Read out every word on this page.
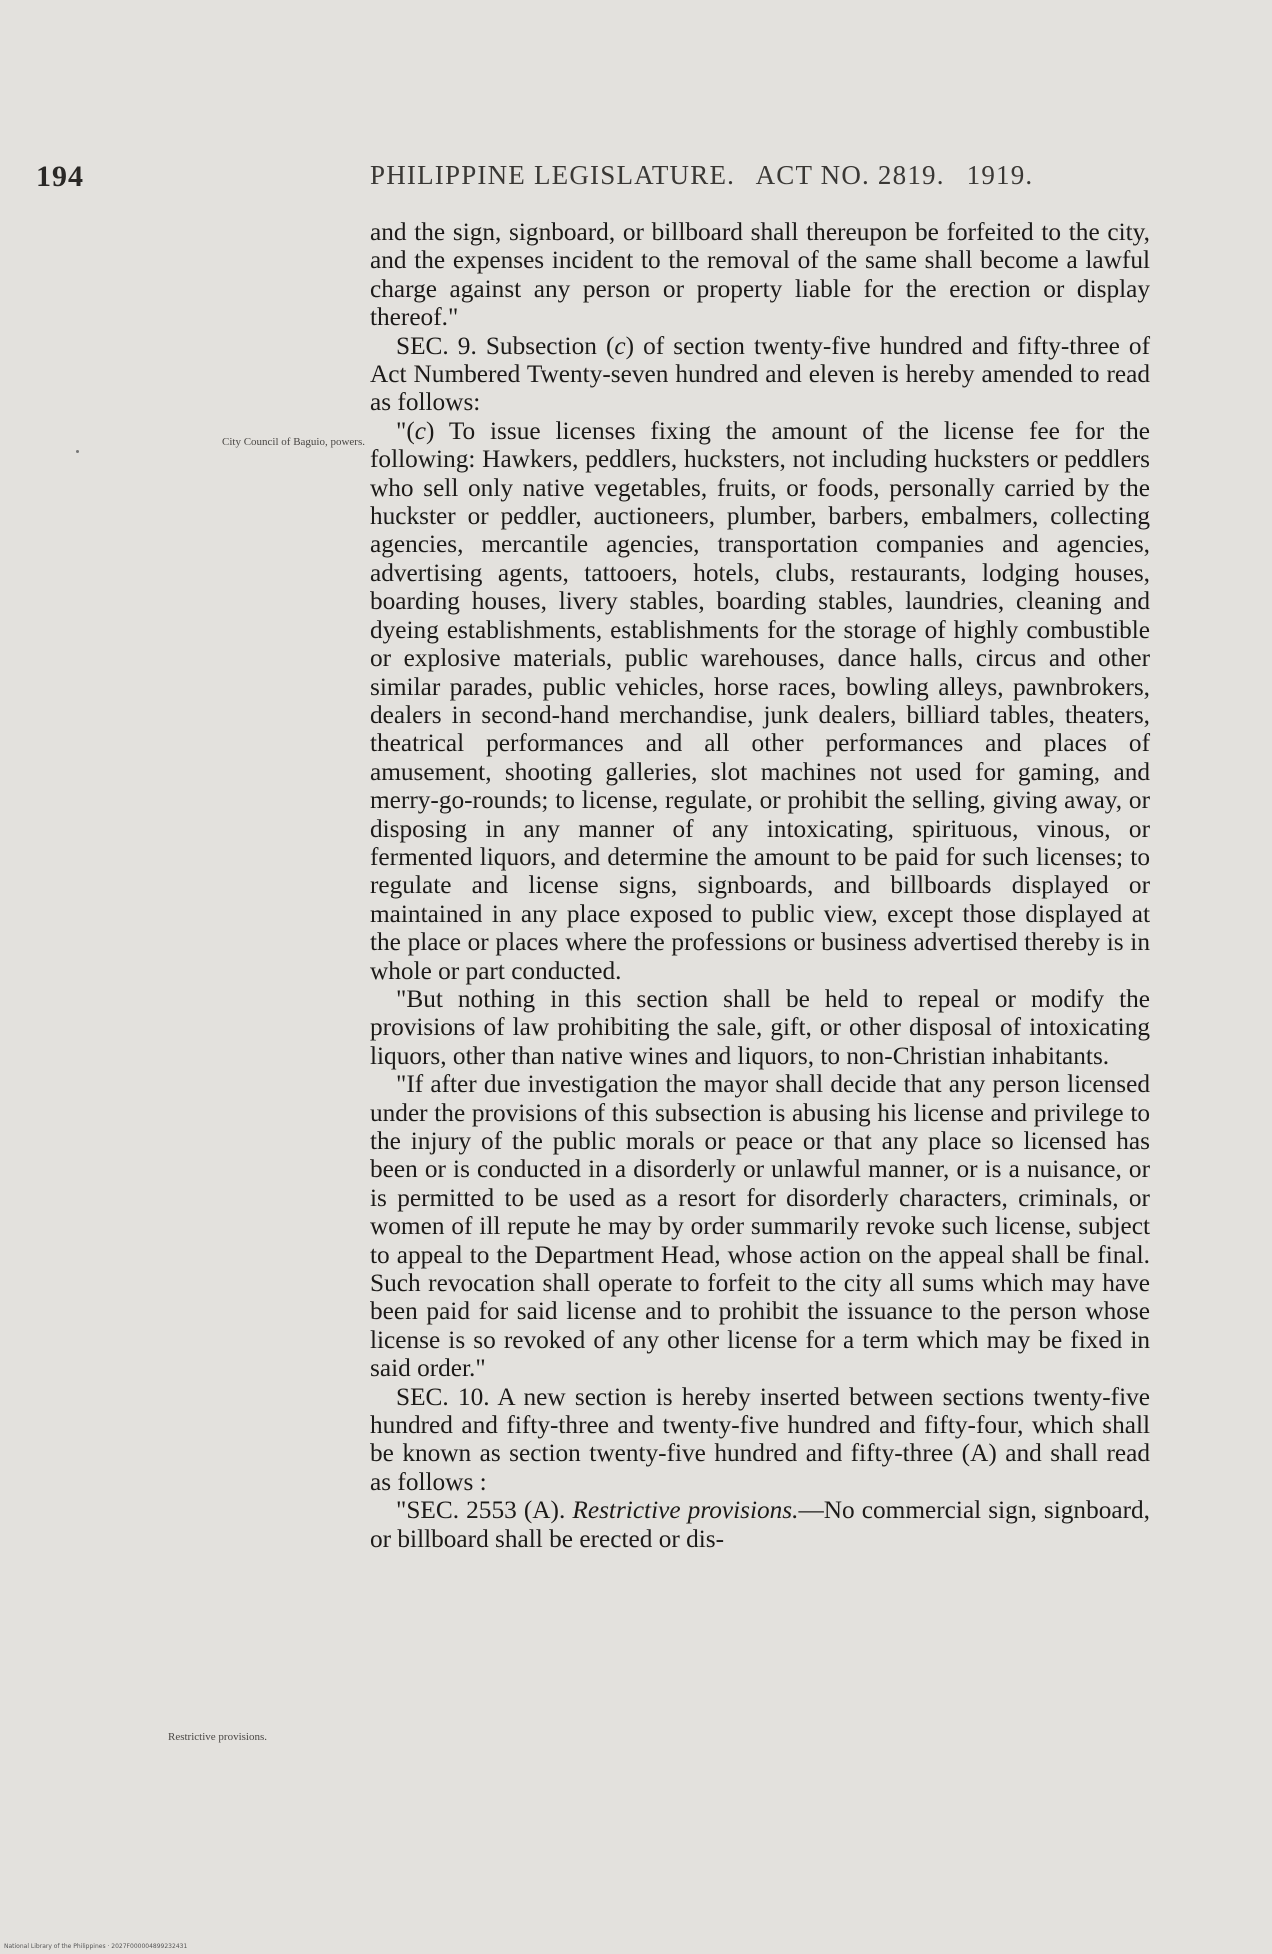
194	PHILIPPINE LEGISLATURE. ACT NO. 2819. 1919.
City Council of Baguio, powers.
Restrictive provisions.

and the sign, signboard, or billboard shall thereupon be forfeited to the city, and the expenses incident to the removal of the same shall become a lawful charge against any person or property liable for the erection or display thereof."

SEC. 9. Subsection (c) of section twenty-five hundred and fifty-three of Act Numbered Twenty-seven hundred and eleven is hereby amended to read as follows:

"(c) To issue licenses fixing the amount of the license fee for the following: Hawkers, peddlers, hucksters, not including hucksters or peddlers who sell only native vegetables, fruits, or foods, personally carried by the huckster or peddler, auctioneers, plumber, barbers, embalmers, collecting agencies, mercantile agencies, transportation companies and agencies, advertising agents, tattooers, hotels, clubs, restaurants, lodging houses, boarding houses, livery stables, boarding stables, laundries, cleaning and dyeing establishments, establishments for the storage of highly combustible or explosive materials, public warehouses, dance halls, circus and other similar parades, public vehicles, horse races, bowling alleys, pawnbrokers, dealers in second-hand merchandise, junk dealers, billiard tables, theaters, theatrical performances and all other performances and places of amusement, shooting galleries, slot machines not used for gaming, and merry-go-rounds; to license, regulate, or prohibit the selling, giving away, or disposing in any manner of any intoxicating, spirituous, vinous, or fermented liquors, and determine the amount to be paid for such licenses; to regulate and license signs, signboards, and billboards displayed or maintained in any place exposed to public view, except those displayed at the place or places where the professions or business advertised thereby is in whole or part conducted.

"But nothing in this section shall be held to repeal or modify the provisions of law prohibiting the sale, gift, or other disposal of intoxicating liquors, other than native wines and liquors, to non-Christian inhabitants.

"If after due investigation the mayor shall decide that any person licensed under the provisions of this subsection is abusing his license and privilege to the injury of the public morals or peace or that any place so licensed has been or is conducted in a disorderly or unlawful manner, or is a nuisance, or is permitted to be used as a resort for disorderly characters, criminals, or women of ill repute he may by order summarily revoke such license, subject to appeal to the Department Head, whose action on the appeal shall be final. Such revocation shall operate to forfeit to the city all sums which may have been paid for said license and to prohibit the issuance to the person whose license is so revoked of any other license for a term which may be fixed in said order."

SEC. 10. A new section is hereby inserted between sections twenty-five hundred and fifty-three and twenty-five hundred and fifty-four, which shall be known as section twenty-five hundred and fifty-three (A) and shall read as follows :

"SEC. 2553 (A). Restrictive provisions.—No commercial sign, signboard, or billboard shall be erected or dis-

National Library of the Philippines · 2027F000004899232431
